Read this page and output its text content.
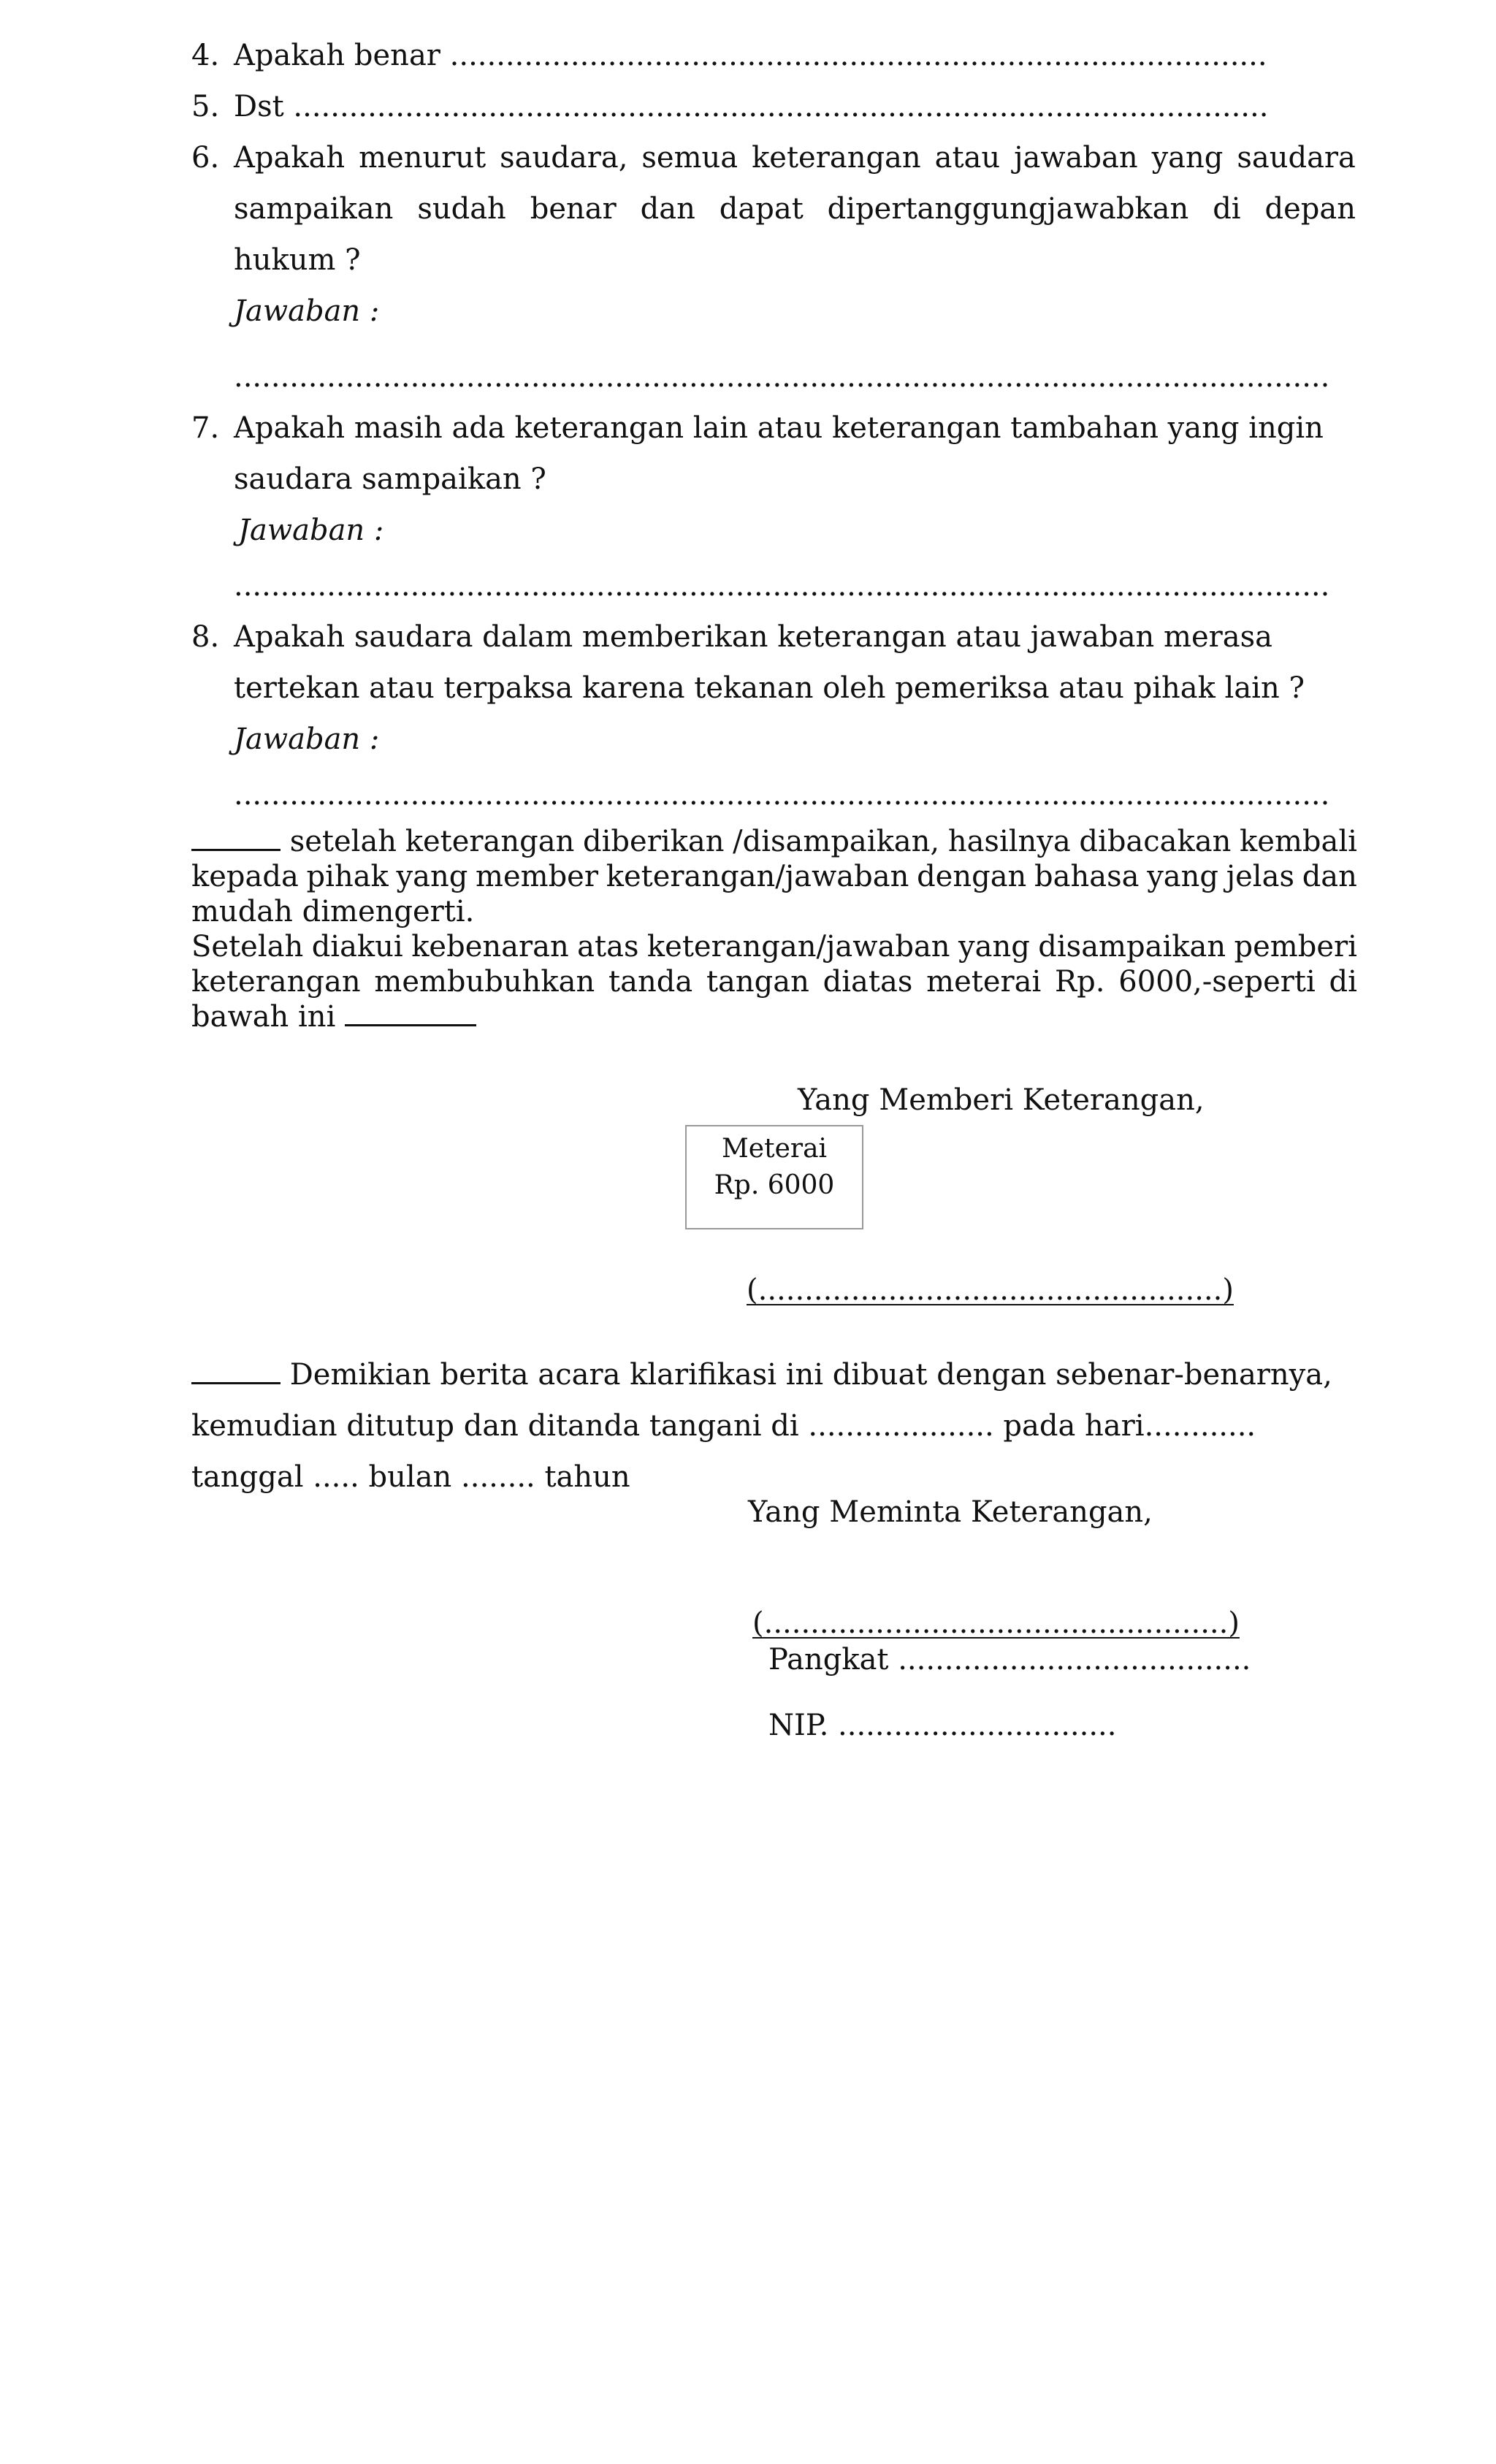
4. Apakah benar ........................................................................................
5. Dst .........................................................................................................
6. Apakah menurut saudara, semua keterangan atau jawaban yang saudara
sampaikan sudah benar dan dapat dipertanggungjawabkan di depan
hukum ?
Jawaban :
......................................................................................................................
7. Apakah masih ada keterangan lain atau keterangan tambahan yang ingin
saudara sampaikan ?
Jawaban :
......................................................................................................................
8. Apakah saudara dalam memberikan keterangan atau jawaban merasa
tertekan atau terpaksa karena tekanan oleh pemeriksa atau pihak lain ?
Jawaban :
......................................................................................................................
setelah keterangan diberikan /disampaikan, hasilnya dibacakan kembali
kepada pihak yang member keterangan/jawaban dengan bahasa yang jelas dan
mudah dimengerti.
Setelah diakui kebenaran atas keterangan/jawaban yang disampaikan pemberi
keterangan membubuhkan tanda tangan diatas meterai Rp. 6000,-seperti di
bawah ini
Yang Memberi Keterangan,
Meterai
Rp. 6000
(..................................................)
Demikian berita acara klarifikasi ini dibuat dengan sebenar-benarnya,
kemudian ditutup dan ditanda tangani di .................... pada hari............
tanggal ..... bulan ........ tahun
Yang Meminta Keterangan,
(..................................................)
Pangkat ......................................
NIP. ..............................
